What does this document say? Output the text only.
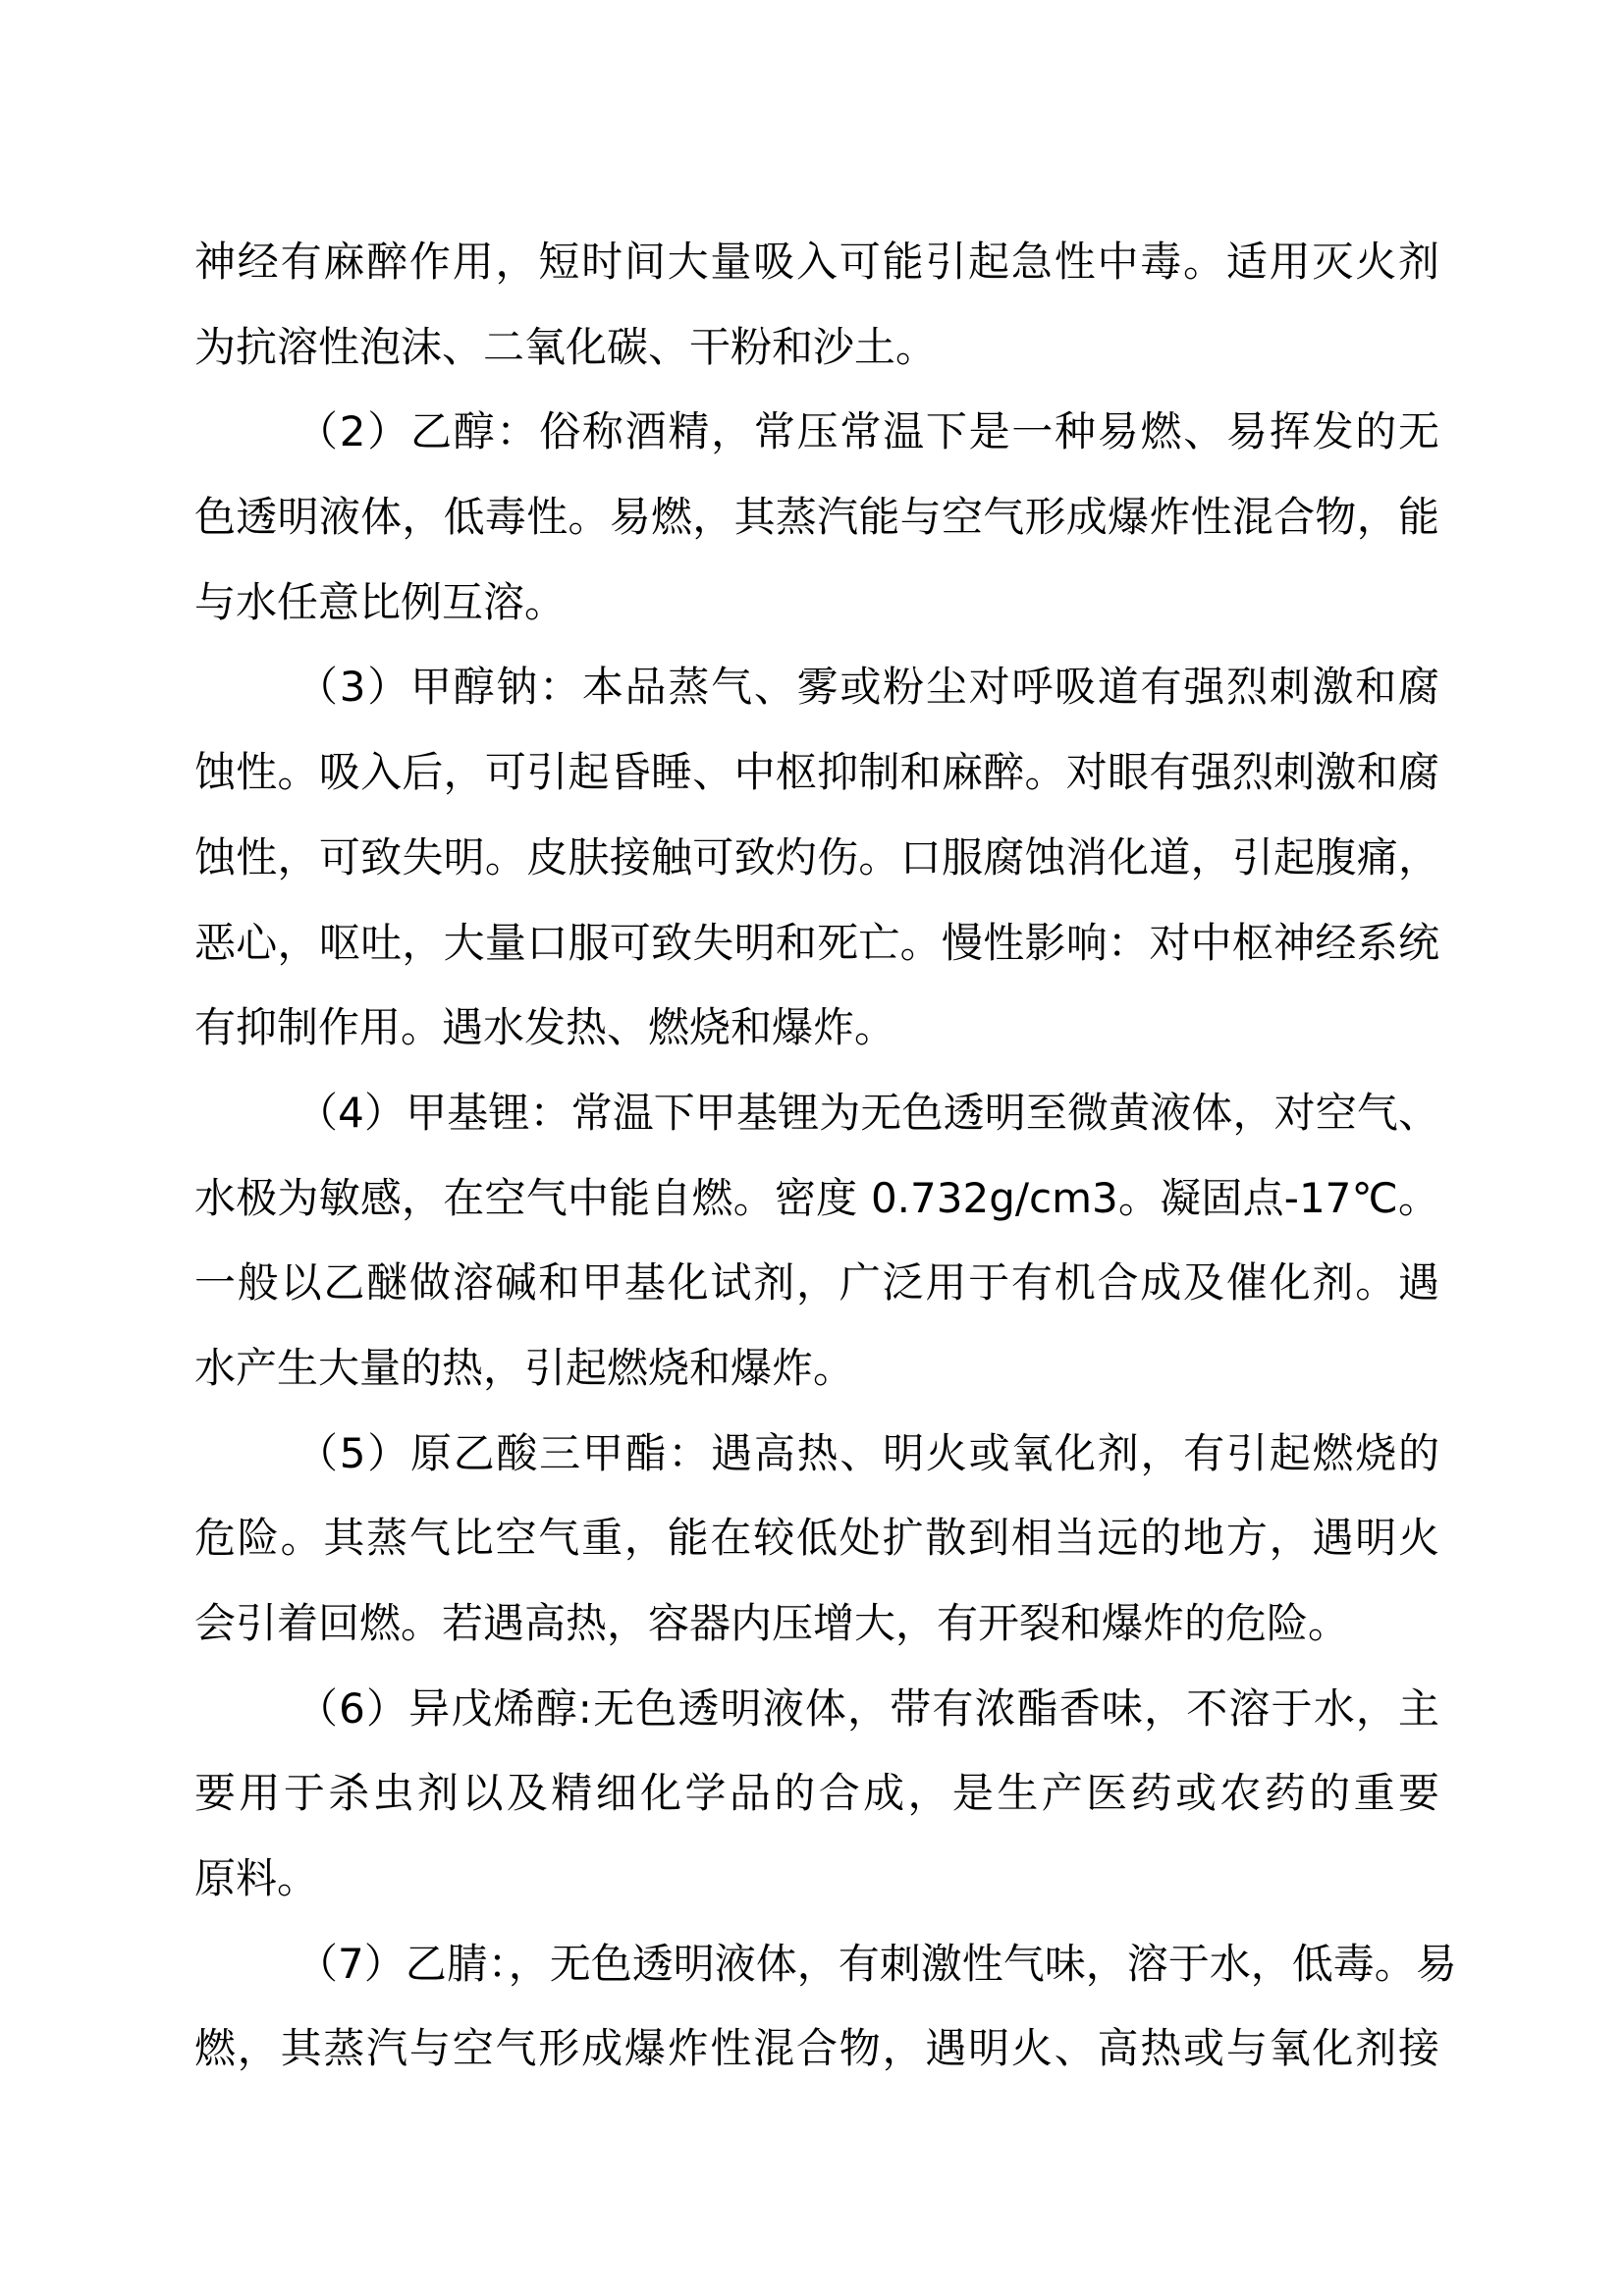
神经有麻醉作用，短时间大量吸入可能引起急性中毒。适用灭火剂
为抗溶性泡沫、二氧化碳、干粉和沙土。
（2）乙醇：俗称酒精，常压常温下是一种易燃、易挥发的无
色透明液体，低毒性。易燃，其蒸汽能与空气形成爆炸性混合物，能
与水任意比例互溶。
（3）甲醇钠：本品蒸气、雾或粉尘对呼吸道有强烈刺激和腐
蚀性。吸入后，可引起昏睡、中枢抑制和麻醉。对眼有强烈刺激和腐
蚀性，可致失明。皮肤接触可致灼伤。口服腐蚀消化道，引起腹痛，
恶心，呕吐，大量口服可致失明和死亡。慢性影响：对中枢神经系统
有抑制作用。遇水发热、燃烧和爆炸。
（4）甲基锂：常温下甲基锂为无色透明至微黄液体，对空气、
水极为敏感，在空气中能自燃。密度 0.732g/cm3。凝固点-17℃。
一般以乙醚做溶碱和甲基化试剂，广泛用于有机合成及催化剂。遇
水产生大量的热，引起燃烧和爆炸。
（5）原乙酸三甲酯：遇高热、明火或氧化剂，有引起燃烧的
危险。其蒸气比空气重，能在较低处扩散到相当远的地方，遇明火
会引着回燃。若遇高热，容器内压增大，有开裂和爆炸的危险。
（6）异戊烯醇:无色透明液体，带有浓酯香味，不溶于水，主
要用于杀虫剂以及精细化学品的合成，是生产医药或农药的重要
原料。
（7）乙腈：，无色透明液体，有刺激性气味，溶于水，低毒。易
燃，其蒸汽与空气形成爆炸性混合物，遇明火、高热或与氧化剂接
